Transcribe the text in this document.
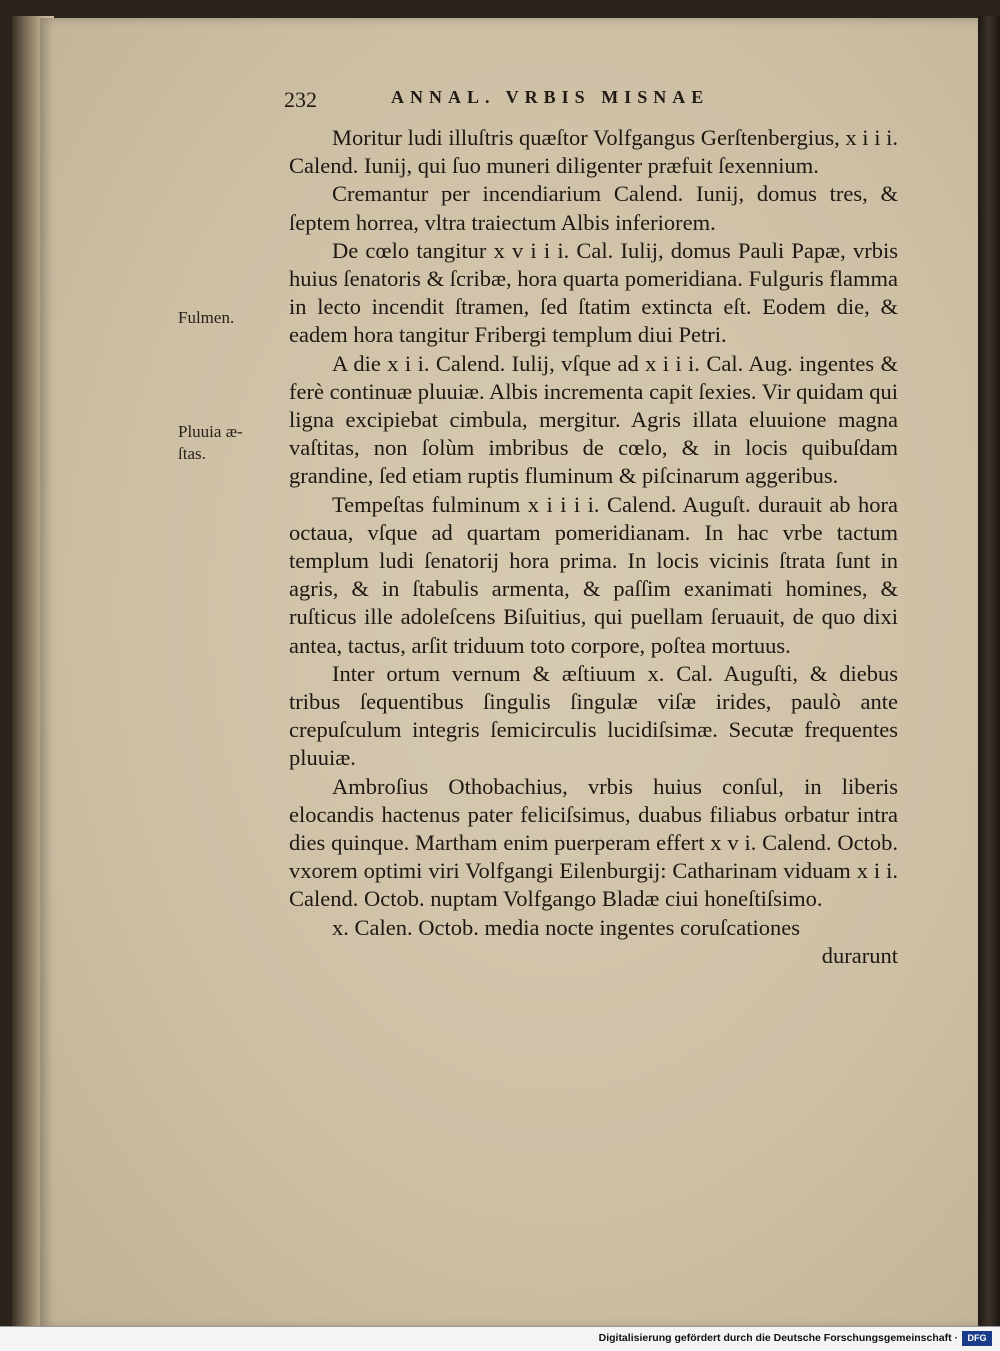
232	ANNAL. VRBIS MISNAE
Fulmen.
Pluuia æ-
ſtas.

Moritur ludi illuſtris quæſtor Volfgangus Gerſtenbergius, x i i i. Calend. Iunij, qui ſuo muneri diligenter præfuit ſexennium.

Cremantur per incendiarium Calend. Iunij, domus tres, & ſeptem horrea, vltra traiectum Albis inferiorem.

De cœlo tangitur x v i i i. Cal. Iulij, domus Pauli Papæ, vrbis huius ſenatoris & ſcribæ, hora quarta pomeridiana. Fulguris flamma in lecto incendit ſtramen, ſed ſtatim extincta eſt. Eodem die, & eadem hora tangitur Fribergi templum diui Petri.

A die x i i. Calend. Iulij, vſque ad x i i i. Cal. Aug. ingentes & ferè continuæ pluuiæ. Albis incrementa capit ſexies. Vir quidam qui ligna excipiebat cimbula, mergitur. Agris illata eluuione magna vaſtitas, non ſolùm imbribus de cœlo, & in locis quibuſdam grandine, ſed etiam ruptis fluminum & piſcinarum aggeribus.

Tempeſtas fulminum x i i i i. Calend. Auguſt. durauit ab hora octaua, vſque ad quartam pomeridianam. In hac vrbe tactum templum ludi ſenatorij hora prima. In locis vicinis ſtrata ſunt in agris, & in ſtabulis armenta, & paſſim exanimati homines, & ruſticus ille adoleſcens Biſuitius, qui puellam ſeruauit, de quo dixi antea, tactus, arſit triduum toto corpore, poſtea mortuus.

Inter ortum vernum & æſtiuum x. Cal. Auguſti, & diebus tribus ſequentibus ſingulis ſingulæ viſæ irides, paulò ante crepuſculum integris ſemicirculis lucidiſsimæ. Secutæ frequentes pluuiæ.

Ambroſius Othobachius, vrbis huius conſul, in liberis elocandis hactenus pater feliciſsimus, duabus filiabus orbatur intra dies quinque. Martham enim puerperam effert x v i. Calend. Octob. vxorem optimi viri Volfgangi Eilenburgij: Catharinam viduam x i i. Calend. Octob. nuptam Volfgango Bladæ ciui honeſtiſsimo.

x. Calen. Octob. media nocte ingentes coruſcationes

durarunt

Digitalisierung gefördert durch die Deutsche Forschungsgemeinschaft ·	DFG
